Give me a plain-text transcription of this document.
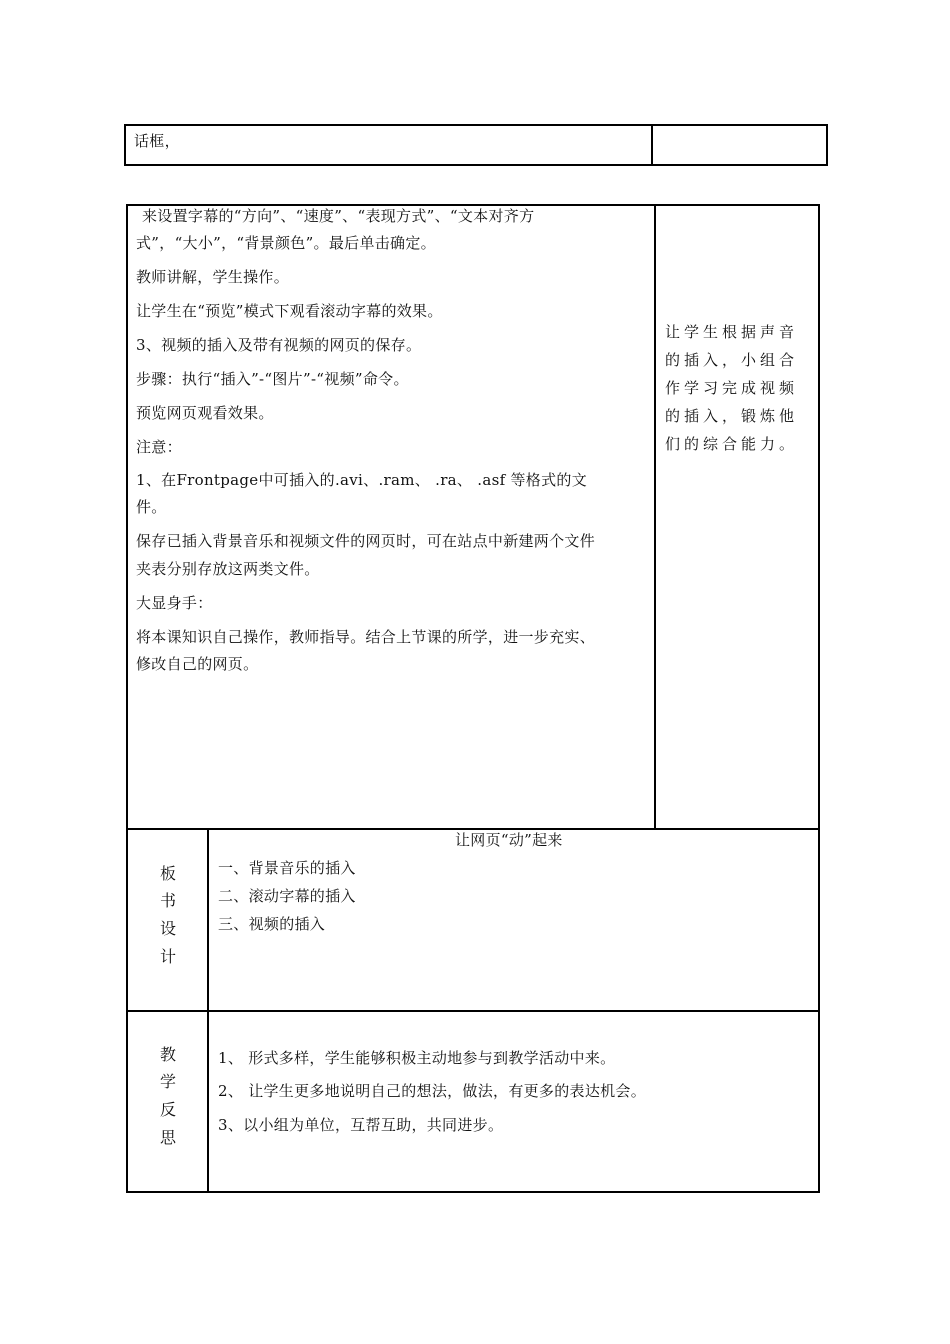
话框，
来设置字幕的“方向”、“速度”、“表现方式”、“文本对齐方
式”，“大小”，“背景颜色”。最后单击确定。
教师讲解，学生操作。
让学生在“预览”模式下观看滚动字幕的效果。
3、视频的插入及带有视频的网页的保存。
步骤：执行“插入”-“图片”-“视频”命令。
预览网页观看效果。
注意：
1、在Frontpage中可插入的.avi、.ram、 .ra、 .asf 等格式的文
件。
保存已插入背景音乐和视频文件的网页时，可在站点中新建两个文件
夹表分别存放这两类文件。
大显身手：
将本课知识自己操作，教师指导。结合上节课的所学，进一步充实、
修改自己的网页。
让学生根据声音的插入，小组合作学习完成视频的插入，锻炼他们的综合能力。
板
书
设
计
让网页“动”起来
一、背景音乐的插入
二、滚动字幕的插入
三、视频的插入
教
学
反
思
1、 形式多样，学生能够积极主动地参与到教学活动中来。
2、 让学生更多地说明自己的想法，做法，有更多的表达机会。
3、以小组为单位，互帮互助，共同进步。
